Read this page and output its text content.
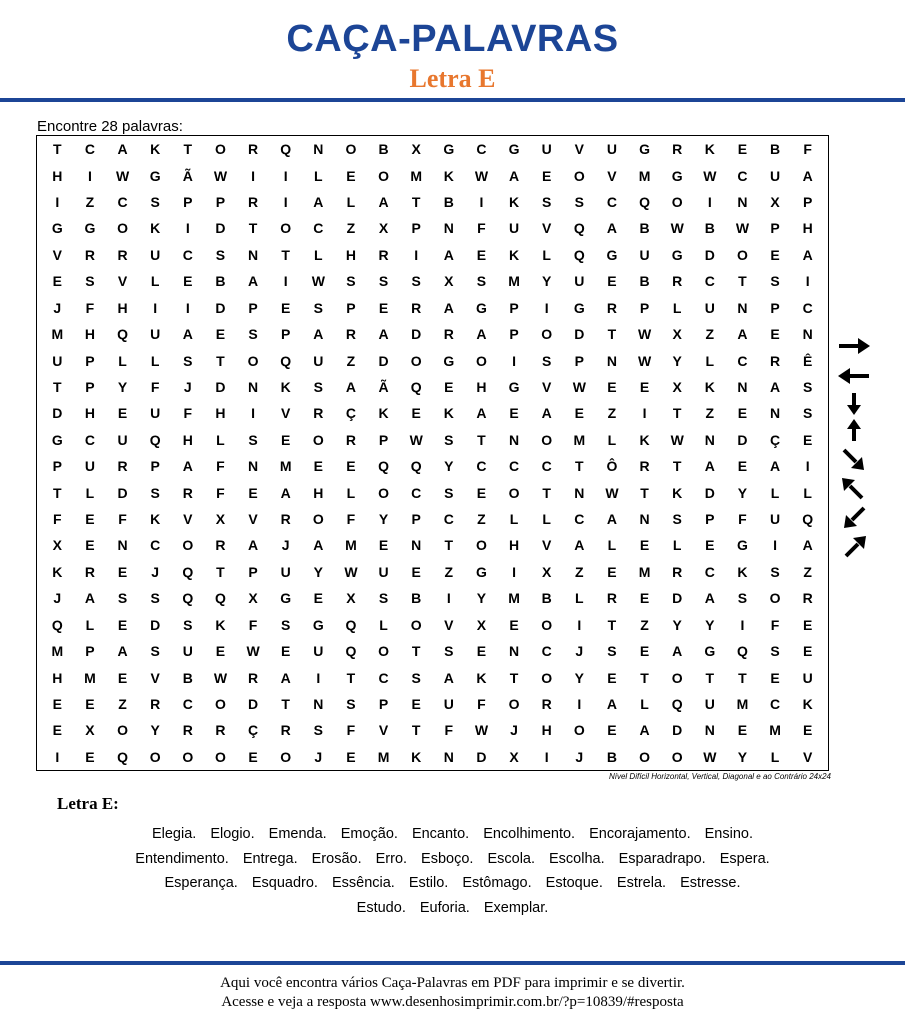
CAÇA-PALAVRAS
Letra E
Encontre 28 palavras:
T	C	A	K	T	O	R	Q	N	O	B	X	G	C	G	U	V	U	G	R	K	E	B	F
H	I	W	G	Ã	W	I	I	L	E	O	M	K	W	A	E	O	V	M	G	W	C	U	A
I	Z	C	S	P	P	R	I	A	L	A	T	B	I	K	S	S	C	Q	O	I	N	X	P
G	G	O	K	I	D	T	O	C	Z	X	P	N	F	U	V	Q	A	B	W	B	W	P	H
V	R	R	U	C	S	N	T	L	H	R	I	A	E	K	L	Q	G	U	G	D	O	E	A
E	S	V	L	E	B	A	I	W	S	S	S	X	S	M	Y	U	E	B	R	C	T	S	I
J	F	H	I	I	D	P	E	S	P	E	R	A	G	P	I	G	R	P	L	U	N	P	C
M	H	Q	U	A	E	S	P	A	R	A	D	R	A	P	O	D	T	W	X	Z	A	E	N
U	P	L	L	S	T	O	Q	U	Z	D	O	G	O	I	S	P	N	W	Y	L	C	R	Ê
T	P	Y	F	J	D	N	K	S	A	Ã	Q	E	H	G	V	W	E	E	X	K	N	A	S
D	H	E	U	F	H	I	V	R	Ç	K	E	K	A	E	A	E	Z	I	T	Z	E	N	S
G	C	U	Q	H	L	S	E	O	R	P	W	S	T	N	O	M	L	K	W	N	D	Ç	E
P	U	R	P	A	F	N	M	E	E	Q	Q	Y	C	C	C	T	Ô	R	T	A	E	A	I
T	L	D	S	R	F	E	A	H	L	O	C	S	E	O	T	N	W	T	K	D	Y	L	L
F	E	F	K	V	X	V	R	O	F	Y	P	C	Z	L	L	C	A	N	S	P	F	U	Q
X	E	N	C	O	R	A	J	A	M	E	N	T	O	H	V	A	L	E	L	E	G	I	A
K	R	E	J	Q	T	P	U	Y	W	U	E	Z	G	I	X	Z	E	M	R	C	K	S	Z
J	A	S	S	Q	Q	X	G	E	X	S	B	I	Y	M	B	L	R	E	D	A	S	O	R
Q	L	E	D	S	K	F	S	G	Q	L	O	V	X	E	O	I	T	Z	Y	Y	I	F	E
M	P	A	S	U	E	W	E	U	Q	O	T	S	E	N	C	J	S	E	A	G	Q	S	E
H	M	E	V	B	W	R	A	I	T	C	S	A	K	T	O	Y	E	T	O	T	T	E	U
E	E	Z	R	C	O	D	T	N	S	P	E	U	F	O	R	I	A	L	Q	U	M	C	K
E	X	O	Y	R	R	Ç	R	S	F	V	T	F	W	J	H	O	E	A	D	N	E	M	E
I	E	Q	O	O	O	E	O	J	E	M	K	N	D	X	I	J	B	O	O	W	Y	L	V
Nível Difícil Horizontal, Vertical, Diagonal e ao Contrário 24x24
Letra E:
Elegia. Elogio. Emenda. Emoção. Encanto. Encolhimento. Encorajamento. Ensino.
Entendimento. Entrega. Erosão. Erro. Esboço. Escola. Escolha. Esparadrapo. Espera.
Esperança. Esquadro. Essência. Estilo. Estômago. Estoque. Estrela. Estresse.
Estudo. Euforia. Exemplar.
Aqui você encontra vários Caça-Palavras em PDF para imprimir e se divertir.
Acesse e veja a resposta www.desenhosimprimir.com.br/?p=10839/#resposta
